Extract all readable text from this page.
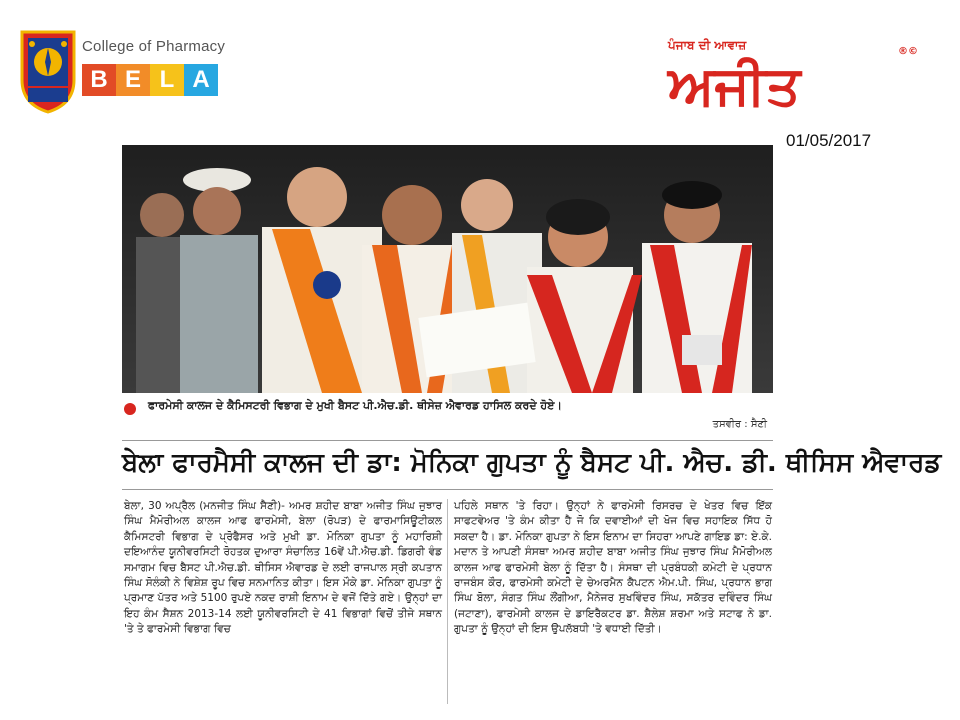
College of Pharmacy
B E L A
ਪੰਜਾਬ ਦੀ ਆਵਾਜ਼	®©
ਅਜੀਤ
01/05/2017
ਫਾਰਮੇਸੀ ਕਾਲਜ ਦੇ ਕੈਮਿਸਟਰੀ ਵਿਭਾਗ ਦੇ ਮੁਖੀ ਬੈਸਟ ਪੀ.ਐਚ.ਡੀ. ਥੀਸੇਜ਼ ਐਵਾਰਡ ਹਾਸਿਲ ਕਰਦੇ ਹੋਏ।
ਤਸਵੀਰ : ਸੈਣੀ
ਬੇਲਾ ਫਾਰਮੈਸੀ ਕਾਲਜ ਦੀ ਡਾ: ਮੋਨਿਕਾ ਗੁਪਤਾ ਨੂੰ ਬੈਸਟ ਪੀ. ਐਚ. ਡੀ. ਥੀਸਿਸ ਐਵਾਰਡ
ਬੇਲਾ, 30 ਅਪ੍ਰੈਲ (ਮਨਜੀਤ ਸਿੰਘ ਸੈਣੀ)- ਅਮਰ ਸ਼ਹੀਦ ਬਾਬਾ ਅਜੀਤ ਸਿੰਘ ਜੁਝਾਰ ਸਿੰਘ ਮੈਮੋਰੀਅਲ ਕਾਲਜ ਆਫ ਫਾਰਮੇਸੀ, ਬੇਲਾ (ਰੋਪੜ) ਦੇ ਫਾਰਮਾਸਿਊਟੀਕਲ ਕੈਮਿਸਟਰੀ ਵਿਭਾਗ ਦੇ ਪ੍ਰੋਫੈਸਰ ਅਤੇ ਮੁਖੀ ਡਾ. ਮੋਨਿਕਾ ਗੁਪਤਾ ਨੂੰ ਮਹਾਰਿਸ਼ੀ ਦਇਆਨੰਦ ਯੂਨੀਵਰਸਿਟੀ ਰੋਹਤਕ ਦੁਆਰਾ ਸੰਚਾਲਿਤ 16ਵੇਂ ਪੀ.ਐਚ.ਡੀ. ਡਿਗਰੀ ਵੰਡ ਸਮਾਗਮ ਵਿਚ ਬੈਸਟ ਪੀ.ਐਚ.ਡੀ. ਥੀਸਿਸ ਐਵਾਰਡ ਦੇ ਲਈ ਰਾਜਪਾਲ ਸ੍ਰੀ ਕਪਤਾਨ ਸਿੰਘ ਸੋਲੰਕੀ ਨੇ ਵਿਸ਼ੇਸ਼ ਰੂਪ ਵਿਚ ਸਨਮਾਨਿਤ ਕੀਤਾ। ਇਸ ਮੌਕੇ ਡਾ. ਮੋਨਿਕਾ ਗੁਪਤਾ ਨੂੰ ਪ੍ਰਮਾਣ ਪੱਤਰ ਅਤੇ 5100 ਰੁਪਏ ਨਕਦ ਰਾਸ਼ੀ ਇਨਾਮ ਦੇ ਵਜੋਂ ਦਿੱਤੇ ਗਏ। ਉਨ੍ਹਾਂ ਦਾ ਇਹ ਕੰਮ ਸੈਸ਼ਨ 2013-14 ਲਈ ਯੂਨੀਵਰਸਿਟੀ ਦੇ 41 ਵਿਭਾਗਾਂ ਵਿਚੋਂ ਤੀਜੇ ਸਥਾਨ 'ਤੇ ਤੇ ਫਾਰਮੇਸੀ ਵਿਭਾਗ ਵਿਚ
ਪਹਿਲੇ ਸਥਾਨ 'ਤੇ ਰਿਹਾ। ਉਨ੍ਹਾਂ ਨੇ ਫਾਰਮੇਸੀ ਰਿਸਰਚ ਦੇ ਖੇਤਰ ਵਿਚ ਇੱਕ ਸਾਫਟਵੇਅਰ 'ਤੇ ਕੰਮ ਕੀਤਾ ਹੈ ਜੋ ਕਿ ਦਵਾਈਆਂ ਦੀ ਖੋਜ ਵਿਚ ਸਹਾਇਕ ਸਿੱਧ ਹੋ ਸਕਦਾ ਹੈ। ਡਾ. ਮੋਨਿਕਾ ਗੁਪਤਾ ਨੇ ਇਸ ਇਨਾਮ ਦਾ ਸਿਹਰਾ ਆਪਣੇ ਗਾਇਡ ਡਾ: ਏ.ਕੇ. ਮਦਾਨ ਤੇ ਆਪਣੀ ਸੰਸਥਾ ਅਮਰ ਸ਼ਹੀਦ ਬਾਬਾ ਅਜੀਤ ਸਿੰਘ ਜੁਝਾਰ ਸਿੰਘ ਮੈਮੋਰੀਅਲ ਕਾਲਜ ਆਫ ਫਾਰਮੇਸੀ ਬੇਲਾ ਨੂੰ ਦਿੱਤਾ ਹੈ। ਸੰਸਥਾ ਦੀ ਪ੍ਰਬੰਧਕੀ ਕਮੇਟੀ ਦੇ ਪ੍ਰਧਾਨ ਰਾਜਬੰਸ ਕੌਰ, ਫਾਰਮੇਸੀ ਕਮੇਟੀ ਦੇ ਚੇਅਰਮੈਨ ਕੈਪਟਨ ਐਮ.ਪੀ. ਸਿੰਘ, ਪ੍ਰਧਾਨ ਭਾਗ ਸਿੰਘ ਬੋਲਾ, ਸੰਗਤ ਸਿੰਘ ਲੌਂਗੀਆ, ਮੈਨੇਜਰ ਸੁਖਵਿੰਦਰ ਸਿੰਘ, ਸਕੱਤਰ ਦਵਿੰਦਰ ਸਿੰਘ (ਜਟਾਣਾ), ਫਾਰਮੇਸੀ ਕਾਲਜ ਦੇ ਡਾਇਰੈਕਟਰ ਡਾ. ਸ਼ੈਲੇਸ਼ ਸ਼ਰਮਾ ਅਤੇ ਸਟਾਫ ਨੇ ਡਾ. ਗੁਪਤਾ ਨੂੰ ਉਨ੍ਹਾਂ ਦੀ ਇਸ ਉਪਲੱਬਧੀ 'ਤੇ ਵਧਾਈ ਦਿੱਤੀ।
